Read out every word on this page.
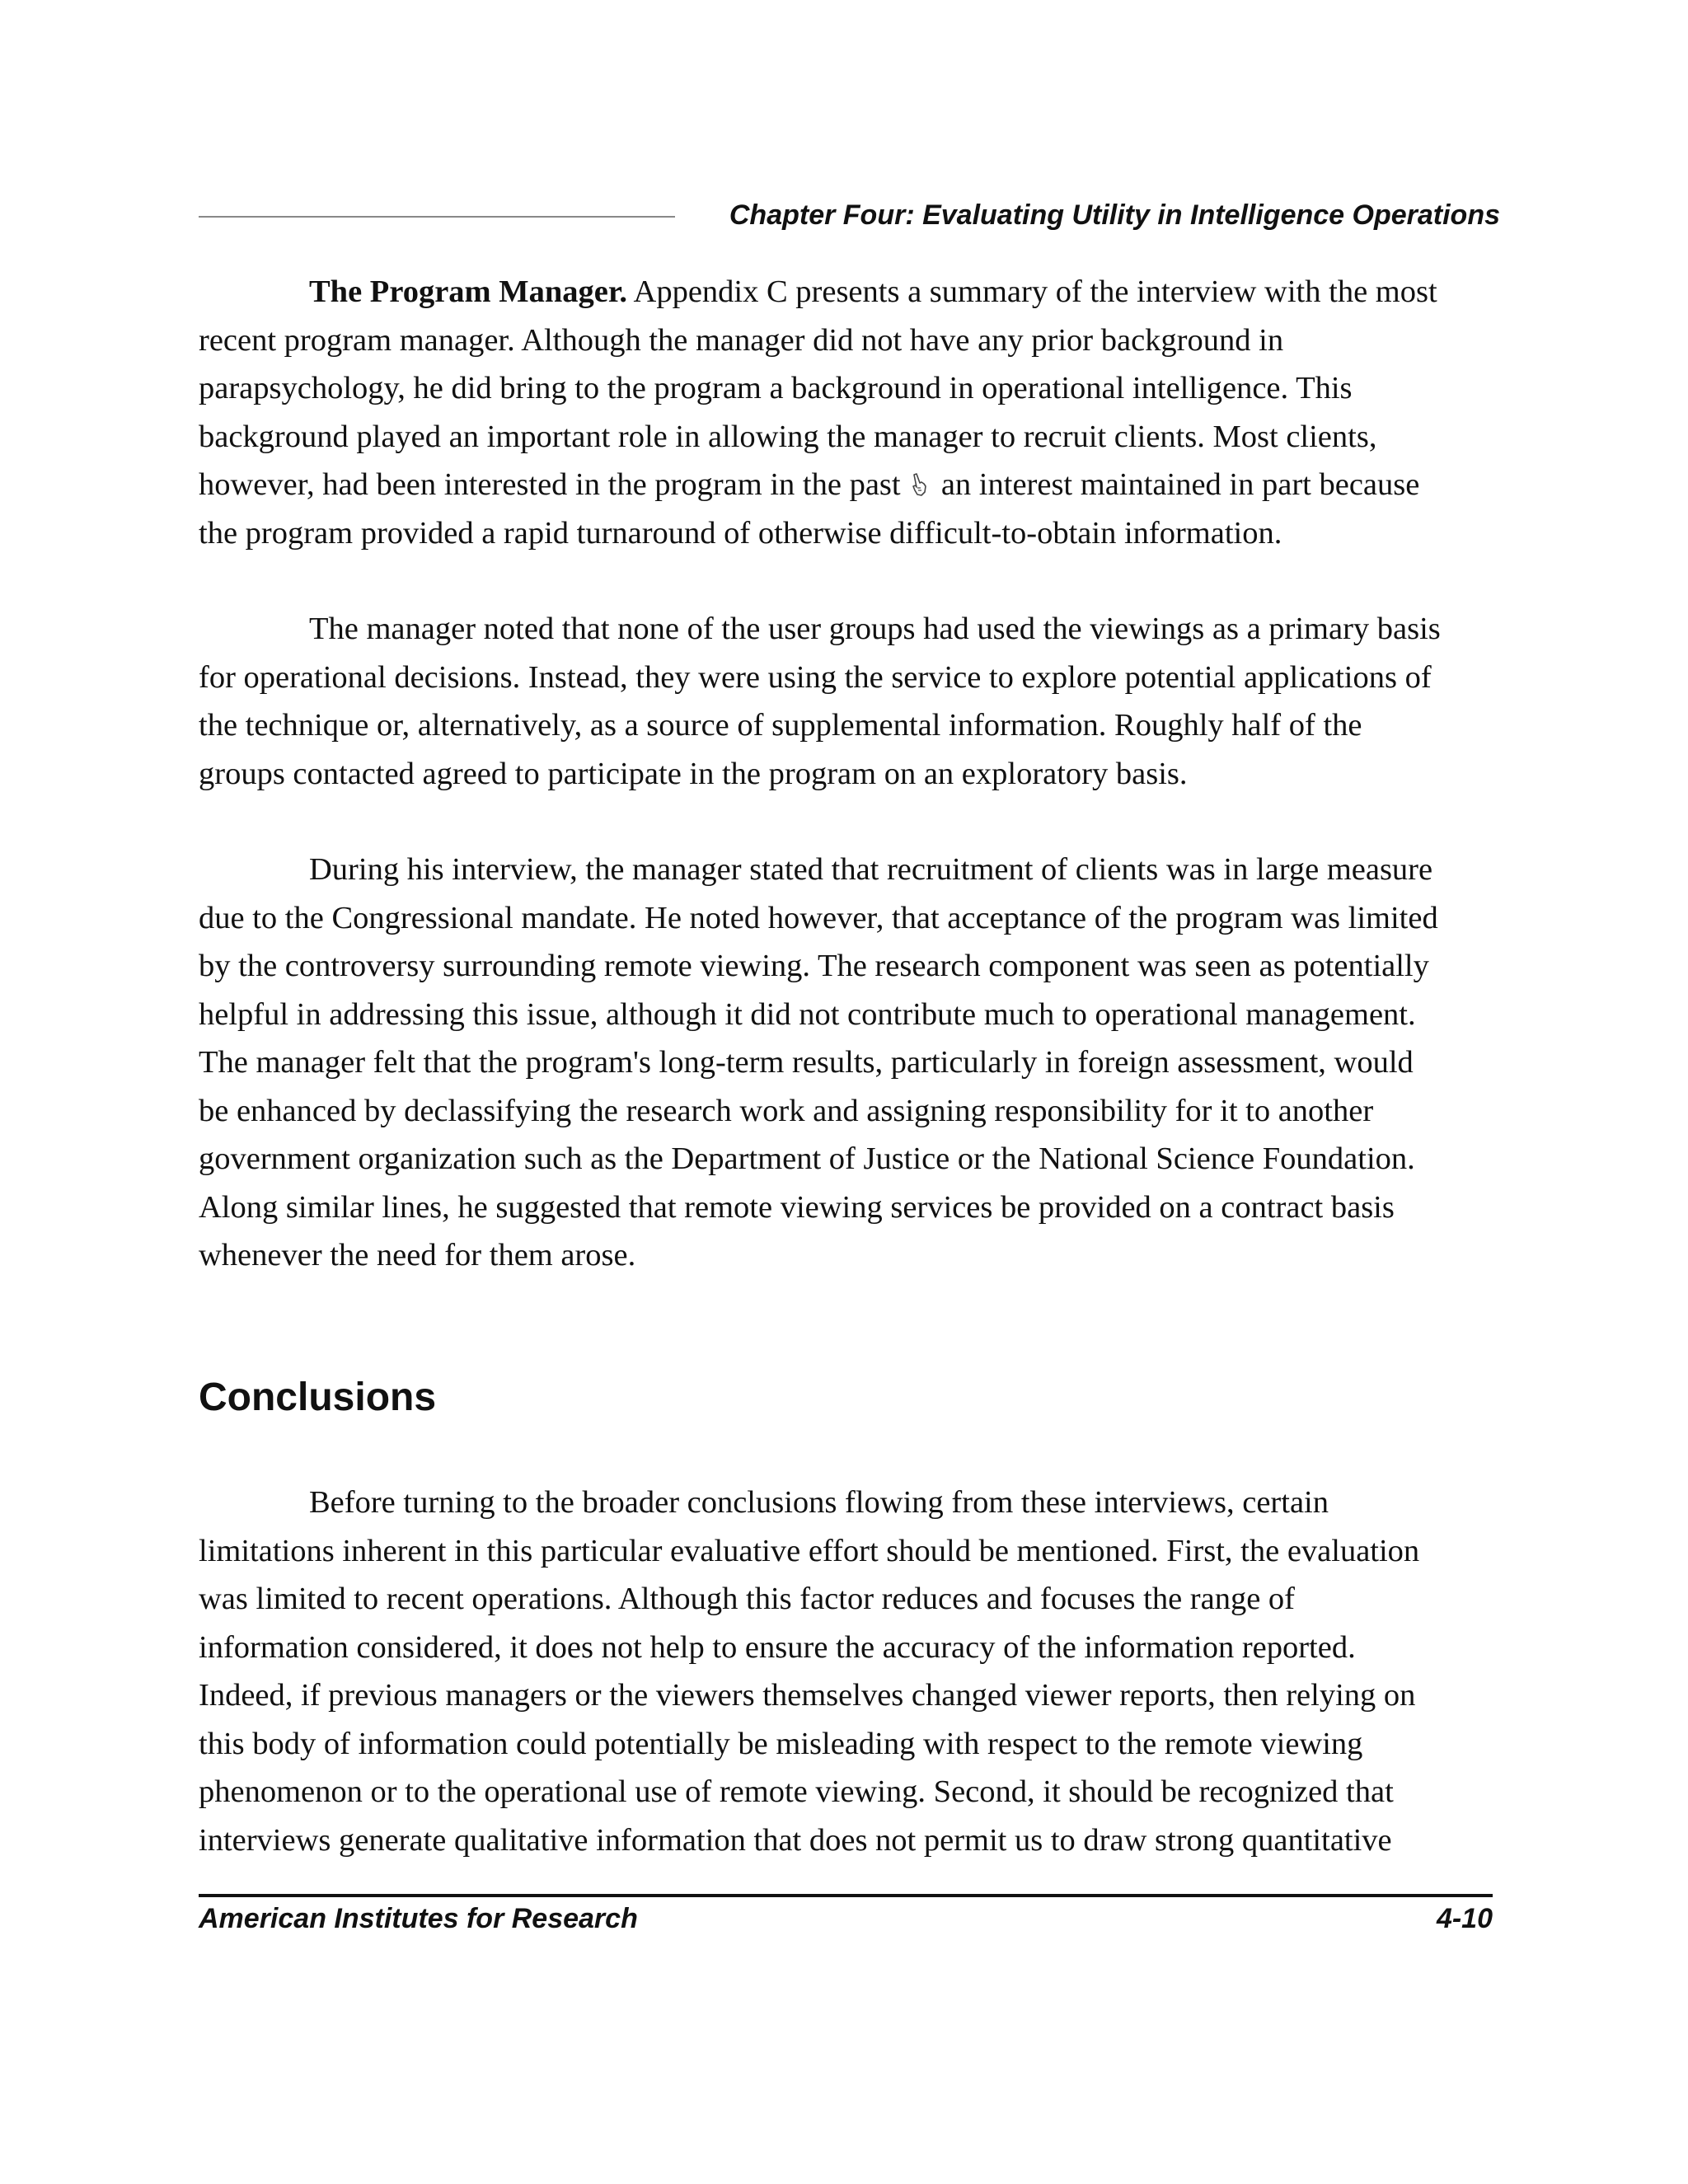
Chapter Four: Evaluating Utility in Intelligence Operations

The Program Manager. Appendix C presents a summary of the interview with the most
recent program manager. Although the manager did not have any prior background in
parapsychology, he did bring to the program a background in operational intelligence. This
background played an important role in allowing the manager to recruit clients. Most clients,
however, had been interested in the program in the past  an interest maintained in part because
the program provided a rapid turnaround of otherwise difficult-to-obtain information.

The manager noted that none of the user groups had used the viewings as a primary basis
for operational decisions. Instead, they were using the service to explore potential applications of
the technique or, alternatively, as a source of supplemental information. Roughly half of the
groups contacted agreed to participate in the program on an exploratory basis.

During his interview, the manager stated that recruitment of clients was in large measure
due to the Congressional mandate. He noted however, that acceptance of the program was limited
by the controversy surrounding remote viewing. The research component was seen as potentially
helpful in addressing this issue, although it did not contribute much to operational management.
The manager felt that the program's long-term results, particularly in foreign assessment, would
be enhanced by declassifying the research work and assigning responsibility for it to another
government organization such as the Department of Justice or the National Science Foundation.
Along similar lines, he suggested that remote viewing services be provided on a contract basis
whenever the need for them arose.

Conclusions

Before turning to the broader conclusions flowing from these interviews, certain
limitations inherent in this particular evaluative effort should be mentioned. First, the evaluation
was limited to recent operations. Although this factor reduces and focuses the range of
information considered, it does not help to ensure the accuracy of the information reported.
Indeed, if previous managers or the viewers themselves changed viewer reports, then relying on
this body of information could potentially be misleading with respect to the remote viewing
phenomenon or to the operational use of remote viewing. Second, it should be recognized that
interviews generate qualitative information that does not permit us to draw strong quantitative

American Institutes for Research	4-10
